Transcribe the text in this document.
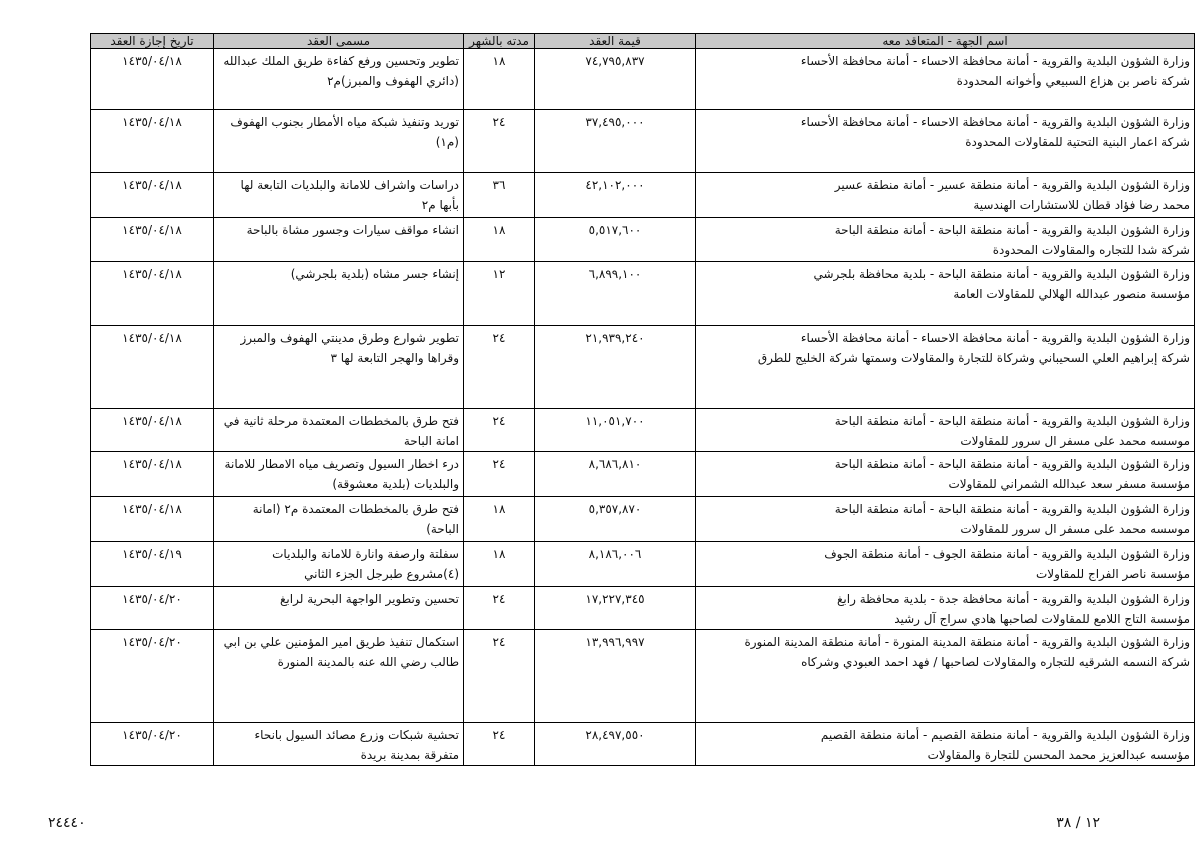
اسم الجهة - المتعاقد معه	قيمة العقد	مدته بالشهر	مسمى العقد	تاريخ إجازة العقد

وزارة الشؤون البلدية والقروية - أمانة محافظة الاحساء - أمانة محافظة الأحساء
شركة ناصر بن هزاع السبيعي وأخوانه المحدودة	٧٤,٧٩٥,٨٣٧	١٨	تطوير وتحسين ورفع كفاءة طريق الملك عبدالله (دائري الهفوف والمبرز)م٢	١٤٣٥/٠٤/١٨

وزارة الشؤون البلدية والقروية - أمانة محافظة الاحساء - أمانة محافظة الأحساء
شركة اعمار البنية التحتية للمقاولات المحدودة	٣٧,٤٩٥,٠٠٠	٢٤	توريد وتنفيذ شبكة مياه الأمطار بجنوب الهفوف (م١)	١٤٣٥/٠٤/١٨

وزارة الشؤون البلدية والقروية - أمانة منطقة عسير - أمانة منطقة عسير
محمد رضا فؤاد قطان للاستشارات الهندسية	٤٢,١٠٢,٠٠٠	٣٦	دراسات واشراف للامانة والبلديات التابعة لها بأبها م٢	١٤٣٥/٠٤/١٨

وزارة الشؤون البلدية والقروية - أمانة منطقة الباحة - أمانة منطقة الباحة
شركة شدا للتجاره والمقاولات المحدودة	٥,٥١٧,٦٠٠	١٨	انشاء مواقف سيارات وجسور مشاة بالباحة	١٤٣٥/٠٤/١٨

وزارة الشؤون البلدية والقروية - أمانة منطقة الباحة - بلدية محافظة بلجرشي
مؤسسة منصور عبدالله الهلالي للمقاولات العامة	٦,٨٩٩,١٠٠	١٢	إنشاء جسر مشاه (بلدية بلجرشي)	١٤٣٥/٠٤/١٨

وزارة الشؤون البلدية والقروية - أمانة محافظة الاحساء - أمانة محافظة الأحساء
شركة إبراهيم العلي السحيباني وشركاة للتجارة والمقاولات وسمتها شركة الخليج للطرق	٢١,٩٣٩,٢٤٠	٢٤	تطوير شوارع وطرق مدينتي الهفوف والمبرز وقراها والهجر التابعة لها ٣	١٤٣٥/٠٤/١٨

وزارة الشؤون البلدية والقروية - أمانة منطقة الباحة - أمانة منطقة الباحة
موسسه محمد على مسفر ال سرور للمقاولات	١١,٠٥١,٧٠٠	٢٤	فتح طرق بالمخططات المعتمدة مرحلة ثانية في امانة الباحة	١٤٣٥/٠٤/١٨

وزارة الشؤون البلدية والقروية - أمانة منطقة الباحة - أمانة منطقة الباحة
مؤسسة مسفر سعد عبدالله الشمراني للمقاولات	٨,٦٨٦,٨١٠	٢٤	درء اخطار السيول وتصريف مياه الامطار للامانة والبلديات (بلدية معشوقة)	١٤٣٥/٠٤/١٨

وزارة الشؤون البلدية والقروية - أمانة منطقة الباحة - أمانة منطقة الباحة
موسسه محمد على مسفر ال سرور للمقاولات	٥,٣٥٧,٨٧٠	١٨	فتح طرق بالمخططات المعتمدة م٢ (امانة الباحة)	١٤٣٥/٠٤/١٨

وزارة الشؤون البلدية والقروية - أمانة منطقة الجوف - أمانة منطقة الجوف
مؤسسة ناصر الفراج للمقاولات	٨,١٨٦,٠٠٦	١٨	سفلتة وارصفة وانارة للامانة والبلديات (٤)مشروع طبرجل الجزء الثاني	١٤٣٥/٠٤/١٩

وزارة الشؤون البلدية والقروية - أمانة محافظة جدة - بلدية محافظة رابغ
مؤسسة التاج اللامع للمقاولات لصاحبها هادي سراج آل رشيد	١٧,٢٢٧,٣٤٥	٢٤	تحسين وتطوير الواجهة البحرية لرابغ	١٤٣٥/٠٤/٢٠

وزارة الشؤون البلدية والقروية - أمانة منطقة المدينة المنورة - أمانة منطقة المدينة المنورة
شركة النسمه الشرقيه للتجاره والمقاولات لصاحبها / فهد احمد العبودي وشركاه	١٣,٩٩٦,٩٩٧	٢٤	استكمال تنفيذ طريق امير المؤمنين علي بن ابي طالب رضي الله عنه بالمدينة المنورة	١٤٣٥/٠٤/٢٠

وزارة الشؤون البلدية والقروية - أمانة منطقة القصيم - أمانة منطقة القصيم
مؤسسه عبدالعزيز محمد المحسن للتجارة والمقاولات	٢٨,٤٩٧,٥٥٠	٢٤	تحشية شبكات وزرع مصائد السيول بانحاء متفرقة بمدينة بريدة	١٤٣٥/٠٤/٢٠
٢٤٤٤٠	١٢ / ٣٨
